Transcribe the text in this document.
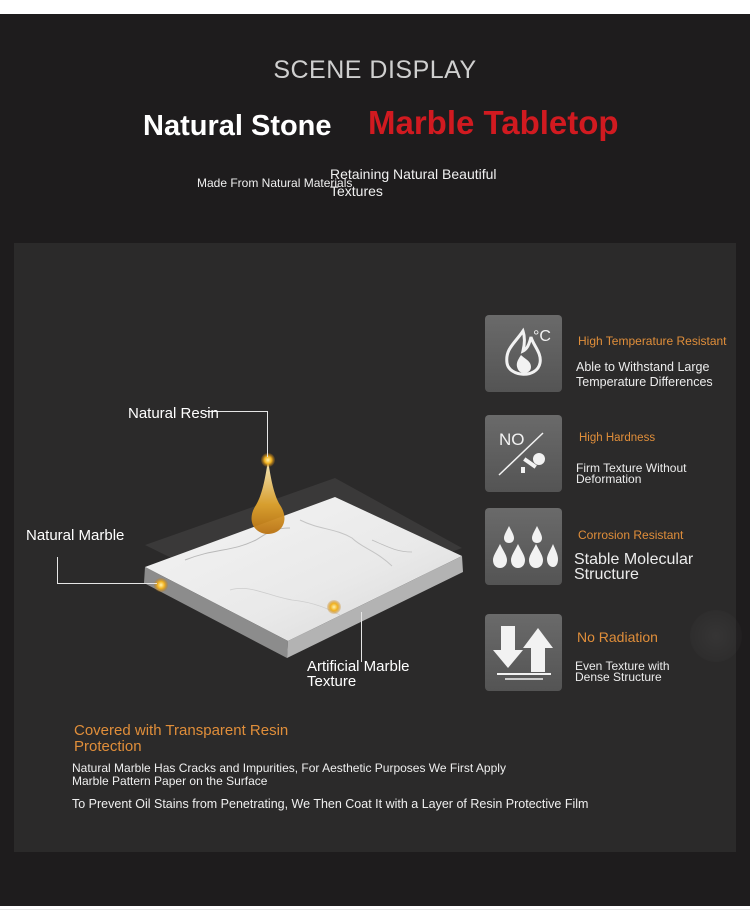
SCENE DISPLAY
Natural Stone Marble Tabletop
Made From Natural Materials
Retaining Natural Beautiful Textures
Natural Resin
Natural Marble
Artificial Marble Texture
°C High Temperature Resistant
Able to Withstand Large Temperature Differences
NO	High Hardness
Firm Texture Without Deformation
Corrosion Resistant
Stable Molecular Structure
No Radiation
Even Texture with Dense Structure
Covered with Transparent Resin Protection
Natural Marble Has Cracks and Impurities, For Aesthetic Purposes We First Apply Marble Pattern Paper on the Surface
To Prevent Oil Stains from Penetrating, We Then Coat It with a Layer of Resin Protective Film
